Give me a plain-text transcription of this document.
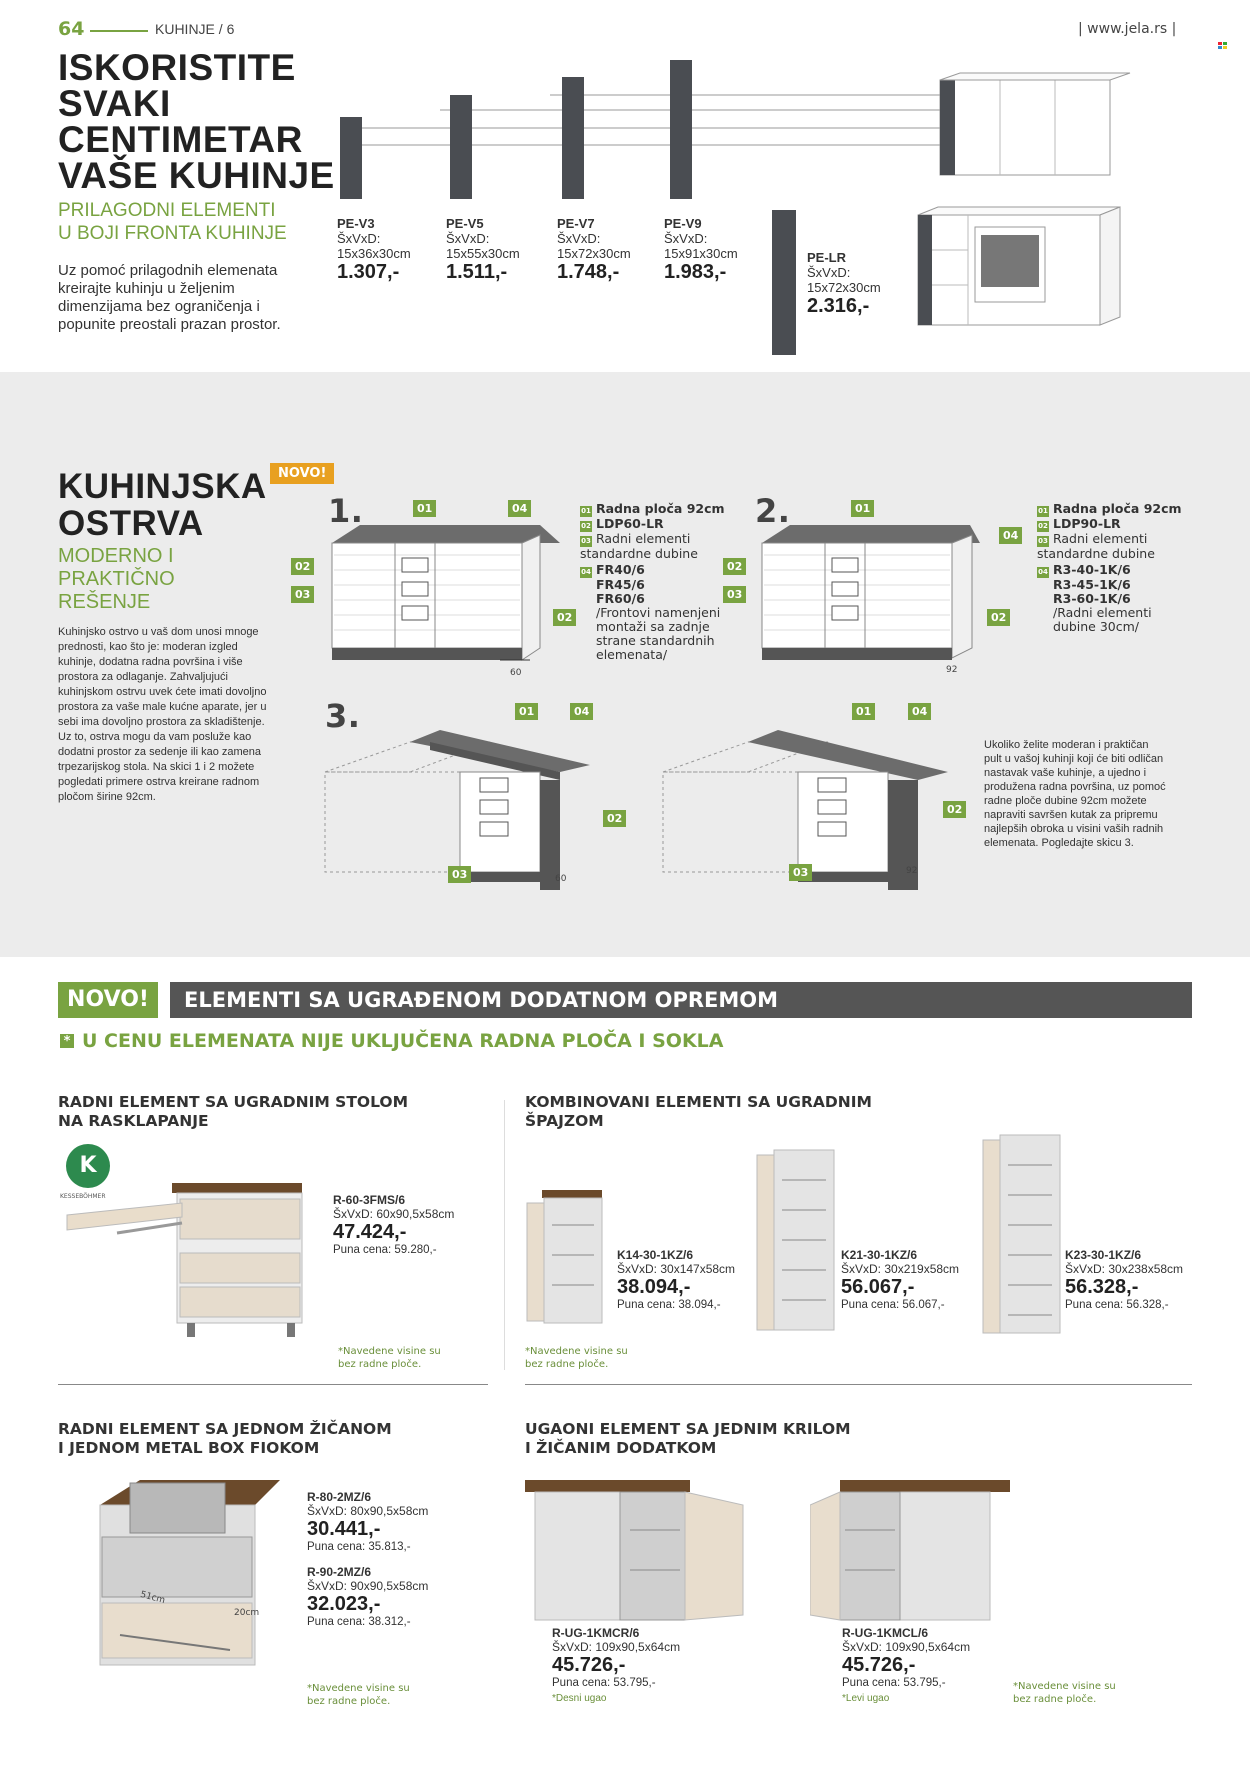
64	KUHINJE / 6	| www.jela.rs |
ISKORISTITE
SVAKI
CENTIMETAR
VAŠE KUHINJE
PRILAGODNI ELEMENTI
U BOJI FRONTA KUHINJE
Uz pomoć prilagodnih elemenata
kreirajte kuhinju u željenim
dimenzijama bez ograničenja i
popunite preostali prazan prostor.
PE-V3
ŠxVxD:
15x36x30cm
1.307,-
PE-V5
ŠxVxD:
15x55x30cm
1.511,-
PE-V7
ŠxVxD:
15x72x30cm
1.748,-
PE-V9
ŠxVxD:
15x91x30cm
1.983,-
PE-LR
ŠxVxD:
15x72x30cm
2.316,-
NOVO!
KUHINJSKA
OSTRVA
MODERNO I
PRAKTIČNO
REŠENJE
Kuhinjsko ostrvo u vaš dom unosi mnoge
prednosti, kao što je: moderan izgled
kuhinje, dodatna radna površina i više
prostora za odlaganje. Zahvaljujući
kuhinjskom ostrvu uvek ćete imati dovoljno
prostora za vaše male kućne aparate, jer u
sebi ima dovoljno prostora za skladištenje.
Uz to, ostrva mogu da vam posluže kao
dodatni prostor za sedenje ili kao zamena
trpezarijskog stola. Na skici 1 i 2 možete
pogledati primere ostrva kreirane radnom
pločom širine 92cm.
1.	01	04
02
03
02
60
01 Radna ploča 92cm
02 LDP60-LR
03 Radni elementi standardne dubine
04 FR40/6
FR45/6
FR60/6
/Frontovi namenjeni montaži sa zadnje strane standardnih elemenata/
2.	01
04
02
03
02
92
01 Radna ploča 92cm
02 LDP90-LR
03 Radni elementi standardne dubine
04 R3-40-1K/6
R3-45-1K/6
R3-60-1K/6
/Radni elementi dubine 30cm/
3.	01	04
02
03	60
01	04
02
03	92
Ukoliko želite moderan i praktičan
pult u vašoj kuhinji koji će biti odličan
nastavak vaše kuhinje, a ujedno i
produžena radna površina, uz pomoć
radne ploče dubine 92cm možete
napraviti savršen kutak za pripremu
najlepših obroka u visini vaših radnih
elemenata. Pogledajte skicu 3.
NOVO!	ELEMENTI SA UGRAĐENOM DODATNOM OPREMOM
* U CENU ELEMENATA NIJE UKLJUČENA RADNA PLOČA I SOKLA
RADNI ELEMENT SA UGRADNIM STOLOM
NA RASKLAPANJE
K
KESSEBÖHMER	R-60-3FMS/6
ŠxVxD: 60x90,5x58cm
47.424,-
Puna cena: 59.280,-
*Navedene visine su
bez radne ploče.
KOMBINOVANI ELEMENTI SA UGRADNIM
ŠPAJZOM
K14-30-1KZ/6
ŠxVxD: 30x147x58cm
38.094,-
Puna cena: 38.094,-
K21-30-1KZ/6
ŠxVxD: 30x219x58cm
56.067,-
Puna cena: 56.067,-
K23-30-1KZ/6
ŠxVxD: 30x238x58cm
56.328,-
Puna cena: 56.328,-
*Navedene visine su
bez radne ploče.
RADNI ELEMENT SA JEDNOM ŽIČANOM
I JEDNOM METAL BOX FIOKOM
51cm
20cm
R-80-2MZ/6
ŠxVxD: 80x90,5x58cm
30.441,-
Puna cena: 35.813,-
R-90-2MZ/6
ŠxVxD: 90x90,5x58cm
32.023,-
Puna cena: 38.312,-
*Navedene visine su
bez radne ploče.
UGAONI ELEMENT SA JEDNIM KRILOM
I ŽIČANIM DODATKOM
R-UG-1KMCR/6
ŠxVxD: 109x90,5x64cm
45.726,-
Puna cena: 53.795,-
*Desni ugao
R-UG-1KMCL/6
ŠxVxD: 109x90,5x64cm
45.726,-
Puna cena: 53.795,-
*Levi ugao
*Navedene visine su
bez radne ploče.
